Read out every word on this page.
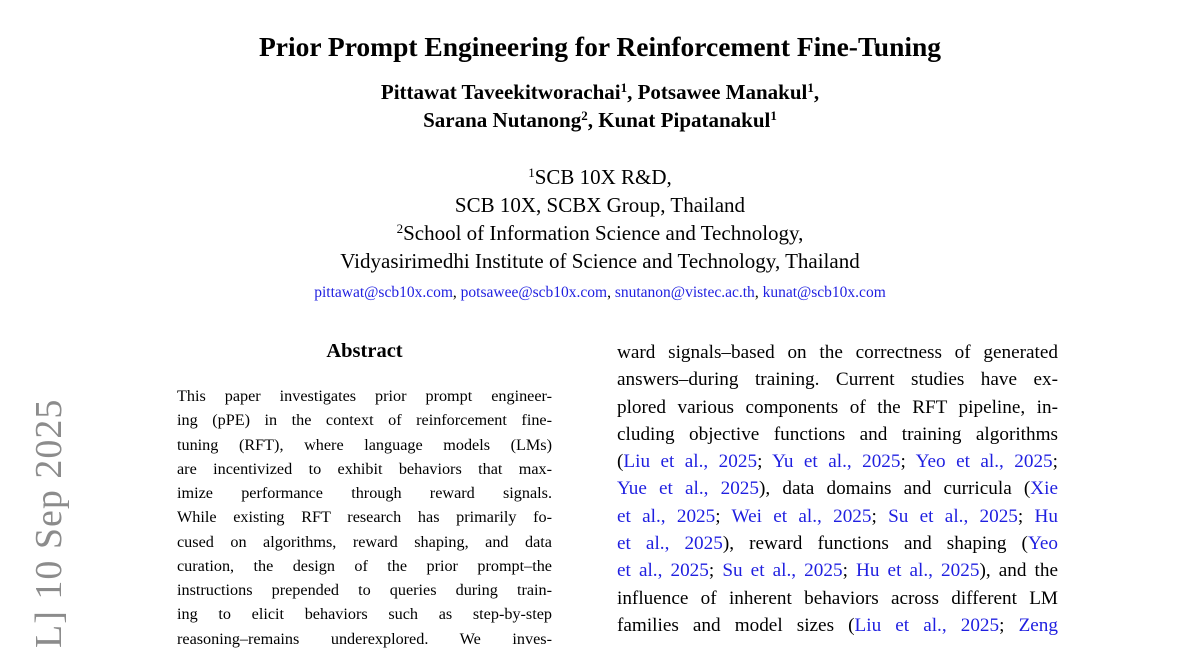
L] 10 Sep 2025
Prior Prompt Engineering for Reinforcement Fine-Tuning
Pittawat Taveekitworachai$^1$, Potsawee Manakul$^1$,
Sarana Nutanong$^2$, Kunat Pipatanakul$^1$
$^1$SCB 10X R&D,
SCB 10X, SCBX Group, Thailand
$^2$School of Information Science and Technology,
Vidyasirimedhi Institute of Science and Technology, Thailand
pittawat@scb10x.com, potsawee@scb10x.com, snutanon@vistec.ac.th, kunat@scb10x.com
Abstract
This paper investigates prior prompt engineer-
ing (pPE) in the context of reinforcement fine-
tuning (RFT), where language models (LMs)
are incentivized to exhibit behaviors that max-
imize performance through reward signals.
While existing RFT research has primarily fo-
cused on algorithms, reward shaping, and data
curation, the design of the prior prompt–the
instructions prepended to queries during train-
ing to elicit behaviors such as step-by-step
reasoning–remains underexplored. We inves-
ward signals–based on the correctness of generated
answers–during training. Current studies have ex-
plored various components of the RFT pipeline, in-
cluding objective functions and training algorithms
(Liu et al., 2025; Yu et al., 2025; Yeo et al., 2025;
Yue et al., 2025), data domains and curricula (Xie
et al., 2025; Wei et al., 2025; Su et al., 2025; Hu
et al., 2025), reward functions and shaping (Yeo
et al., 2025; Su et al., 2025; Hu et al., 2025), and the
influence of inherent behaviors across different LM
families and model sizes (Liu et al., 2025; Zeng
